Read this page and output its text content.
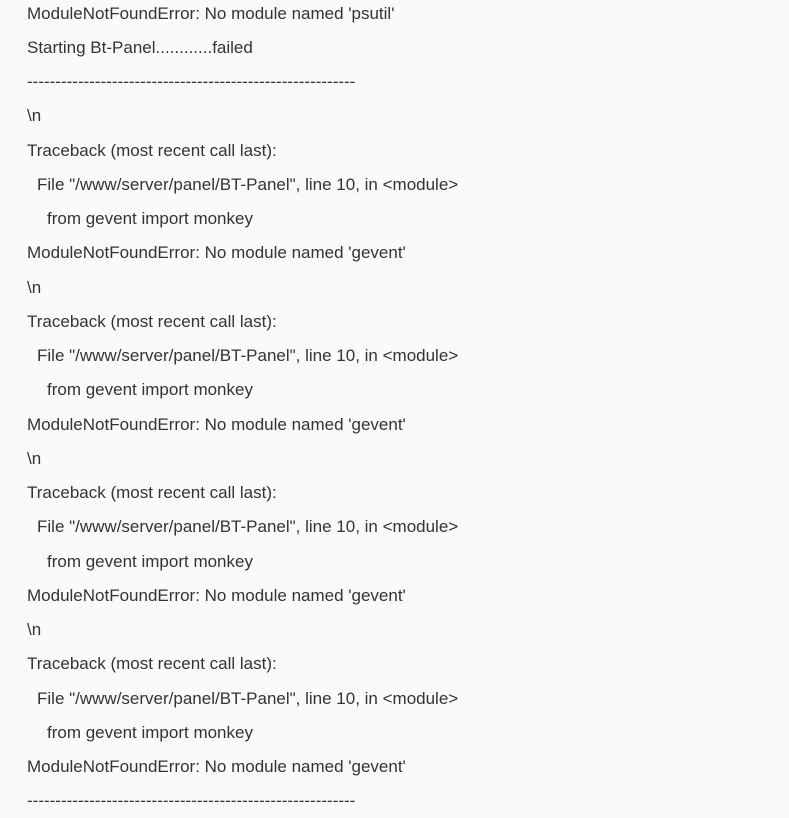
ModuleNotFoundError: No module named 'psutil'

Starting Bt-Panel............failed

----------------------------------------------------------

\n

Traceback (most recent call last):

File "/www/server/panel/BT-Panel", line 10, in <module>

from gevent import monkey

ModuleNotFoundError: No module named 'gevent'

\n

Traceback (most recent call last):

File "/www/server/panel/BT-Panel", line 10, in <module>

from gevent import monkey

ModuleNotFoundError: No module named 'gevent'

\n

Traceback (most recent call last):

File "/www/server/panel/BT-Panel", line 10, in <module>

from gevent import monkey

ModuleNotFoundError: No module named 'gevent'

\n

Traceback (most recent call last):

File "/www/server/panel/BT-Panel", line 10, in <module>

from gevent import monkey

ModuleNotFoundError: No module named 'gevent'

----------------------------------------------------------
